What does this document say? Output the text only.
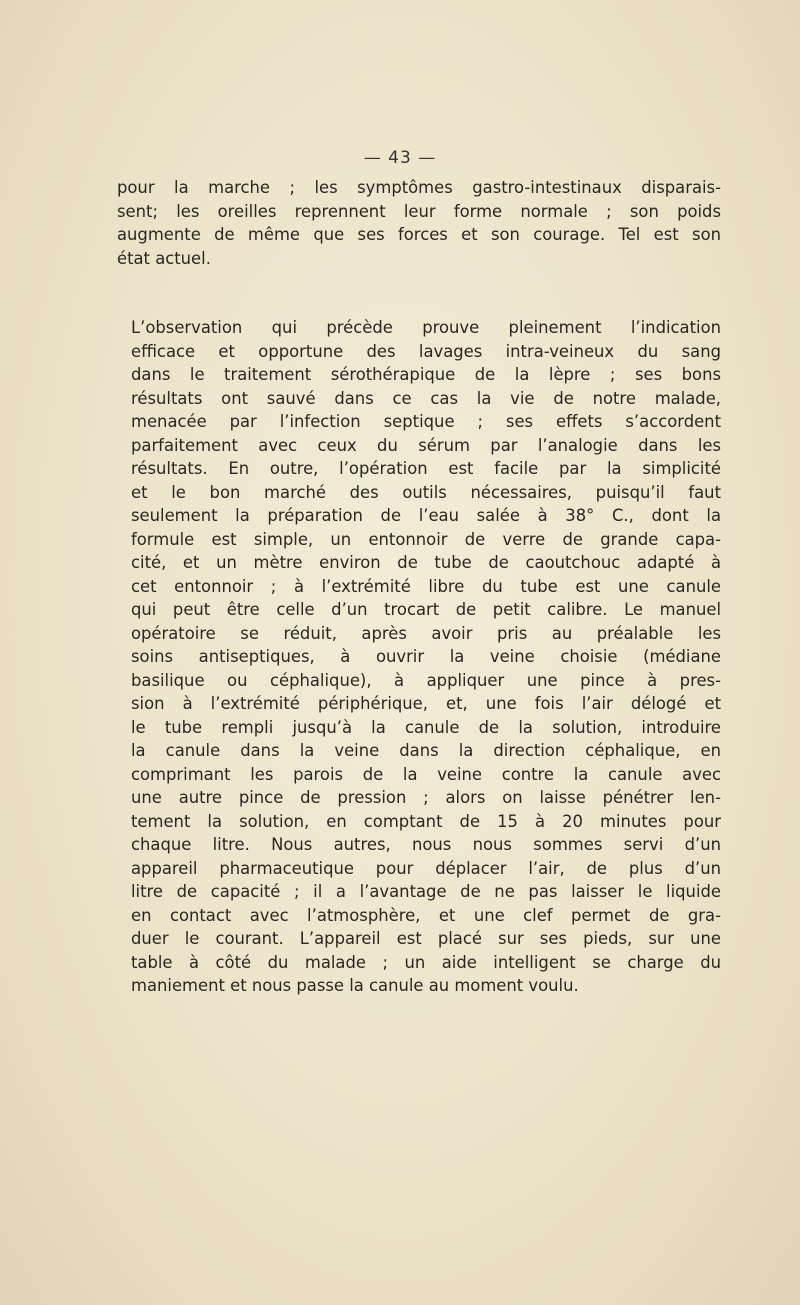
— 43 —
pour la marche ; les symptômes gastro-intestinaux disparais-
sent; les oreilles reprennent leur forme normale ; son poids
augmente de même que ses forces et son courage. Tel est son
état actuel.
L’observation qui précède prouve pleinement l’indication
efficace et opportune des lavages intra-veineux du sang
dans le traitement sérothérapique de la lèpre ; ses bons
résultats ont sauvé dans ce cas la vie de notre malade,
menacée par l’infection septique ; ses effets s’accordent
parfaitement avec ceux du sérum par l’analogie dans les
résultats. En outre, l’opération est facile par la simplicité
et le bon marché des outils nécessaires, puisqu’il faut
seulement la préparation de l’eau salée à 38° C., dont la
formule est simple, un entonnoir de verre de grande capa-
cité, et un mètre environ de tube de caoutchouc adapté à
cet entonnoir ; à l’extrémité libre du tube est une canule
qui peut être celle d’un trocart de petit calibre. Le manuel
opératoire se réduit, après avoir pris au préalable les
soins antiseptiques, à ouvrir la veine choisie (médiane
basilique ou céphalique), à appliquer une pince à pres-
sion à l’extrémité périphérique, et, une fois l’air délogé et
le tube rempli jusqu’à la canule de la solution, introduire
la canule dans la veine dans la direction céphalique, en
comprimant les parois de la veine contre la canule avec
une autre pince de pression ; alors on laisse pénétrer len-
tement la solution, en comptant de 15 à 20 minutes pour
chaque litre. Nous autres, nous nous sommes servi d’un
appareil pharmaceutique pour déplacer l’air, de plus d’un
litre de capacité ; il a l’avantage de ne pas laisser le liquide
en contact avec l’atmosphère, et une clef permet de gra-
duer le courant. L’appareil est placé sur ses pieds, sur une
table à côté du malade ; un aide intelligent se charge du
maniement et nous passe la canule au moment voulu.
